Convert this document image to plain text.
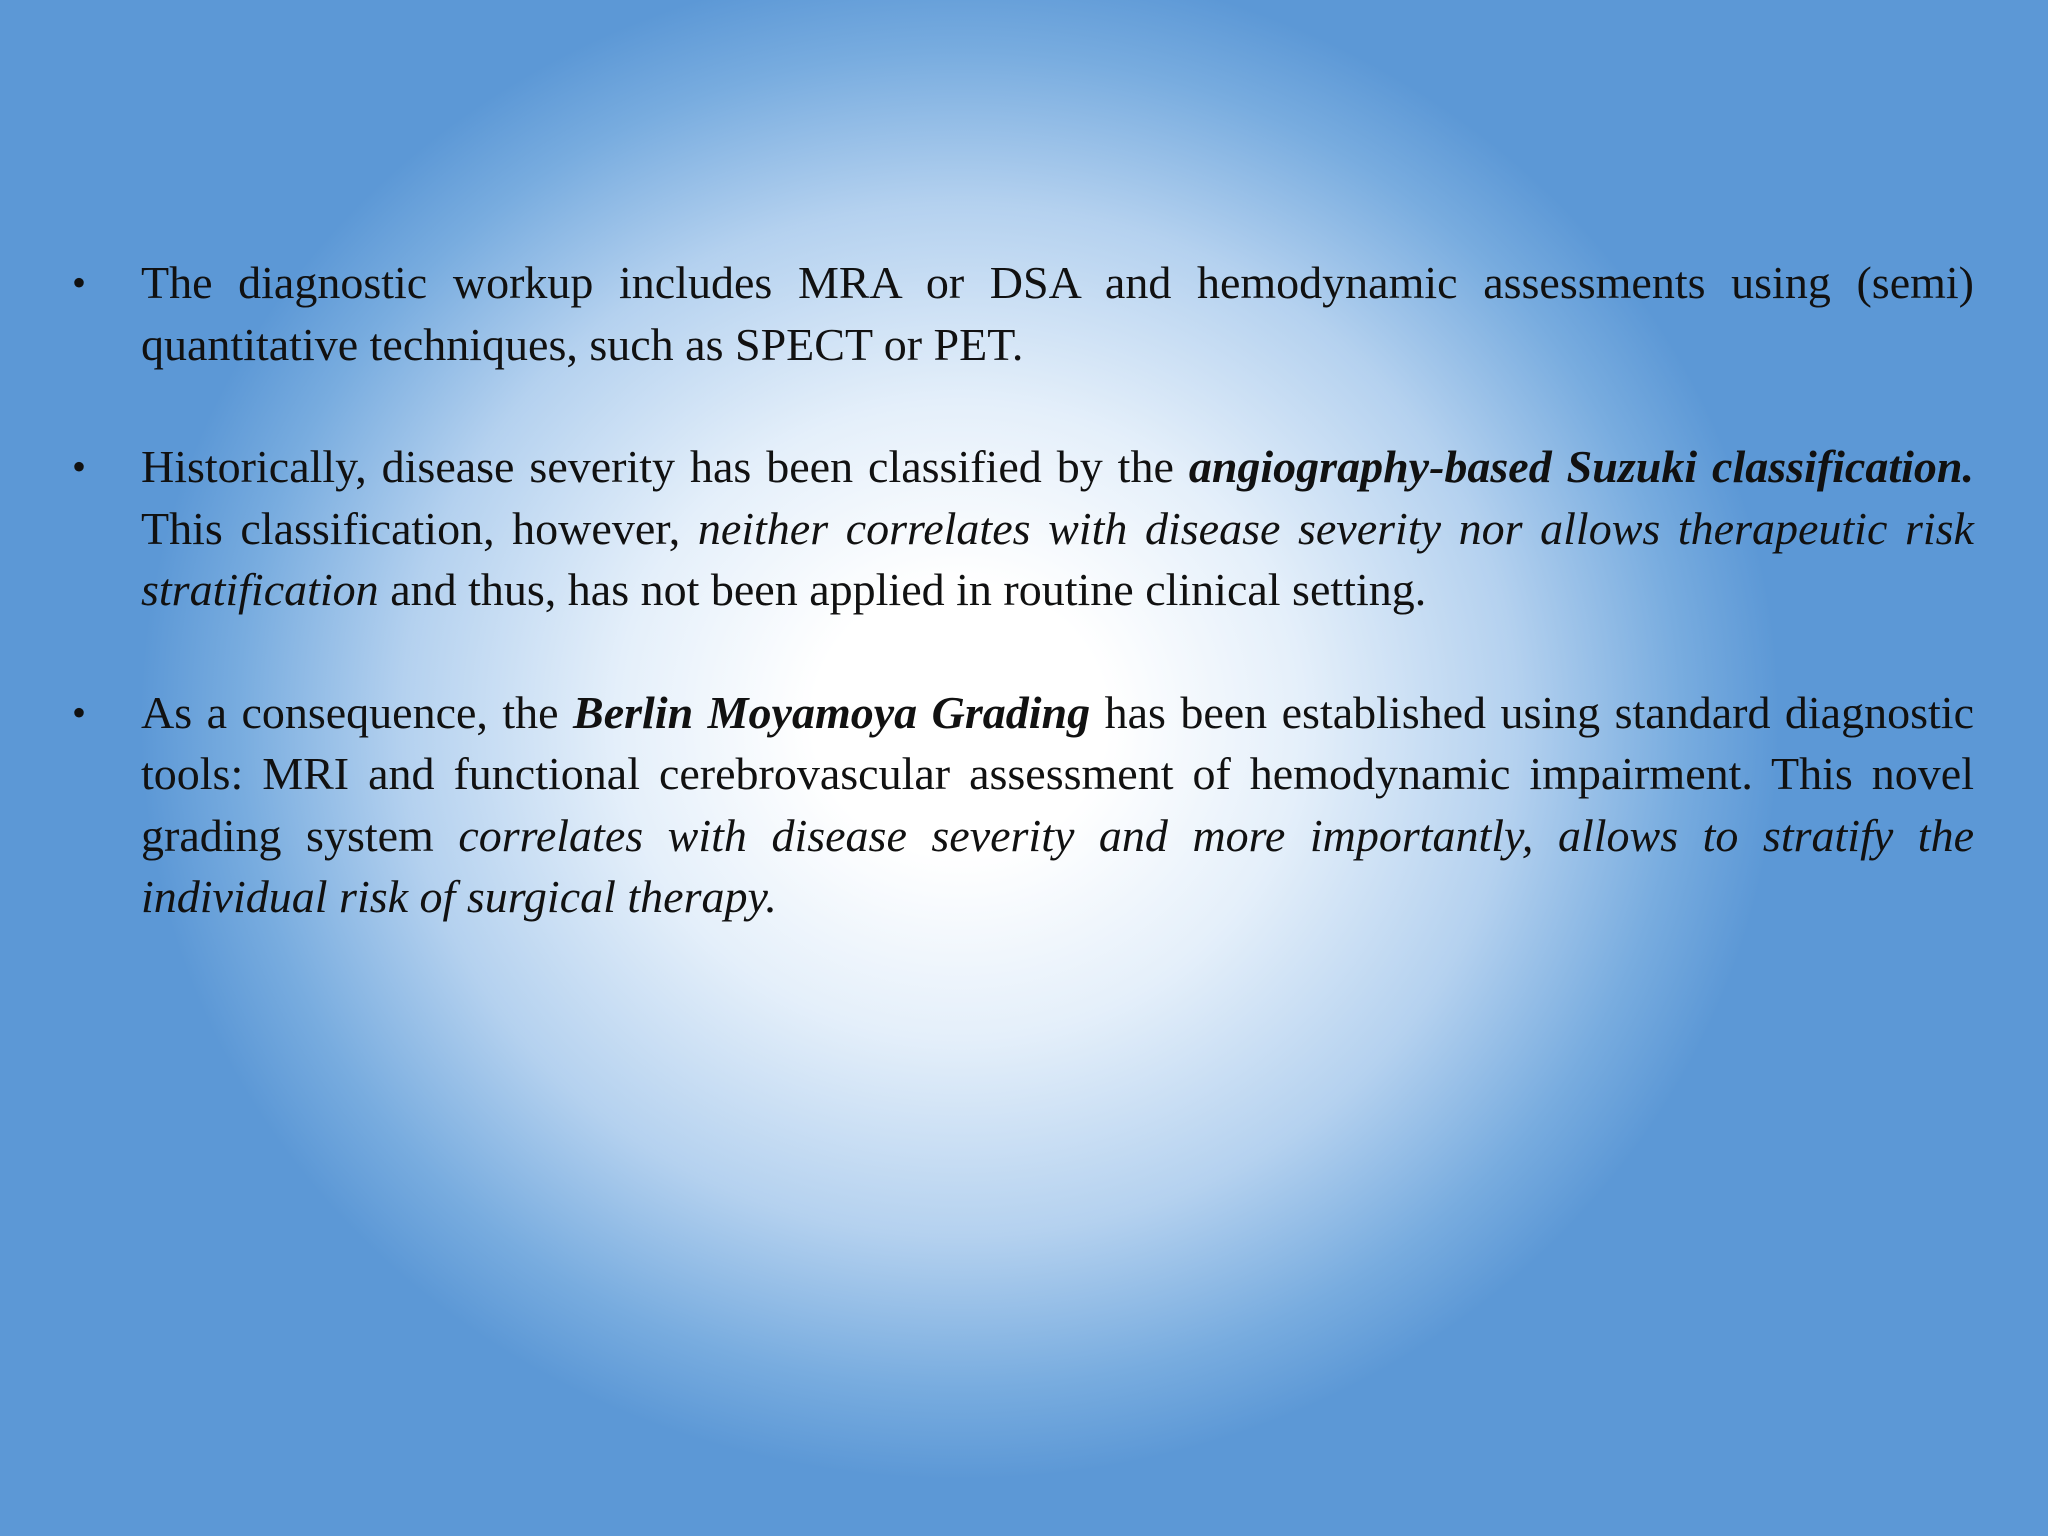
• The diagnostic workup includes MRA or DSA and hemodynamic assessments using (semi) quantitative techniques, such as SPECT or PET.
• Historically, disease severity has been classified by the angiography-based Suzuki classification. This classification, however, neither correlates with disease severity nor allows therapeutic risk stratification and thus, has not been applied in routine clinical setting.
• As a consequence, the Berlin Moyamoya Grading has been established using standard diagnostic tools: MRI and functional cerebrovascular assessment of hemodynamic impairment. This novel grading system correlates with disease severity and more importantly, allows to stratify the individual risk of surgical therapy.
